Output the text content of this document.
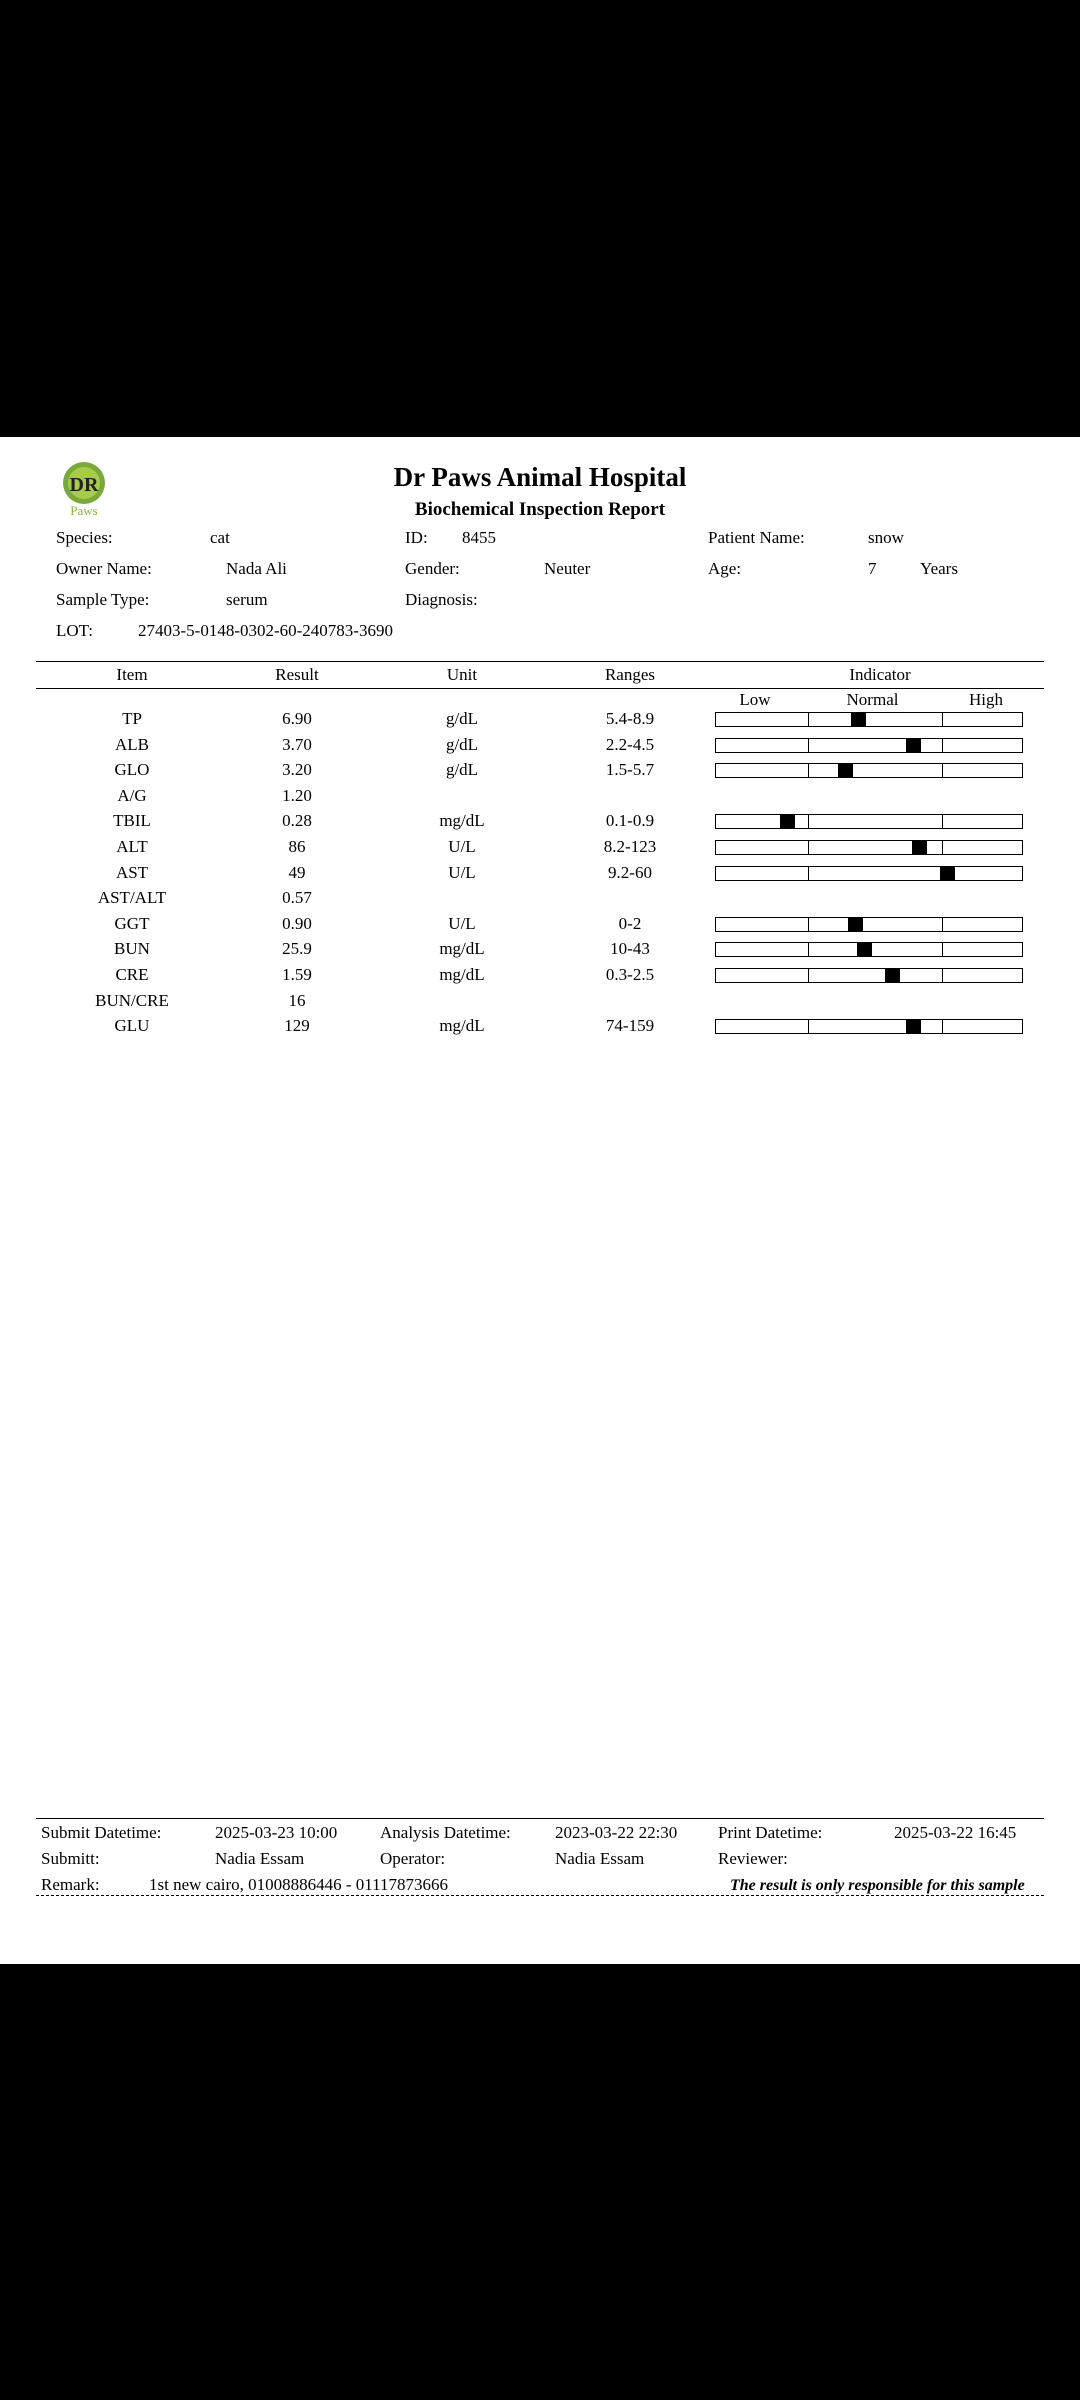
DR
Paws
Dr Paws Animal Hospital
Biochemical Inspection Report
Species:	cat	ID: 8455	Patient Name:	snow
Owner Name:	Nada Ali	Gender:	Neuter	Age:	7	Years
Sample Type:	serum	Diagnosis:
LOT:	27403-5-0148-0302-60-240783-3690
Item	Result	Unit	Ranges	Indicator
Low	Normal	High
TP	6.90	g/dL	5.4-8.9
ALB	3.70	g/dL	2.2-4.5
GLO	3.20	g/dL	1.5-5.7
A/G	1.20
TBIL	0.28	mg/dL	0.1-0.9
ALT	86	U/L	8.2-123
AST	49	U/L	9.2-60
AST/ALT	0.57
GGT	0.90	U/L	0-2
BUN	25.9	mg/dL	10-43
CRE	1.59	mg/dL	0.3-2.5
BUN/CRE	16
GLU	129	mg/dL	74-159
Submit Datetime:	2025-03-23 10:00	Analysis Datetime:	2023-03-22 22:30 Print Datetime:	2025-03-22 16:45
Submitt:	Nadia Essam	Operator:	Nadia Essam	Reviewer:
Remark:	1st new cairo, 01008886446 - 01117873666	The result is only responsible for this sample
